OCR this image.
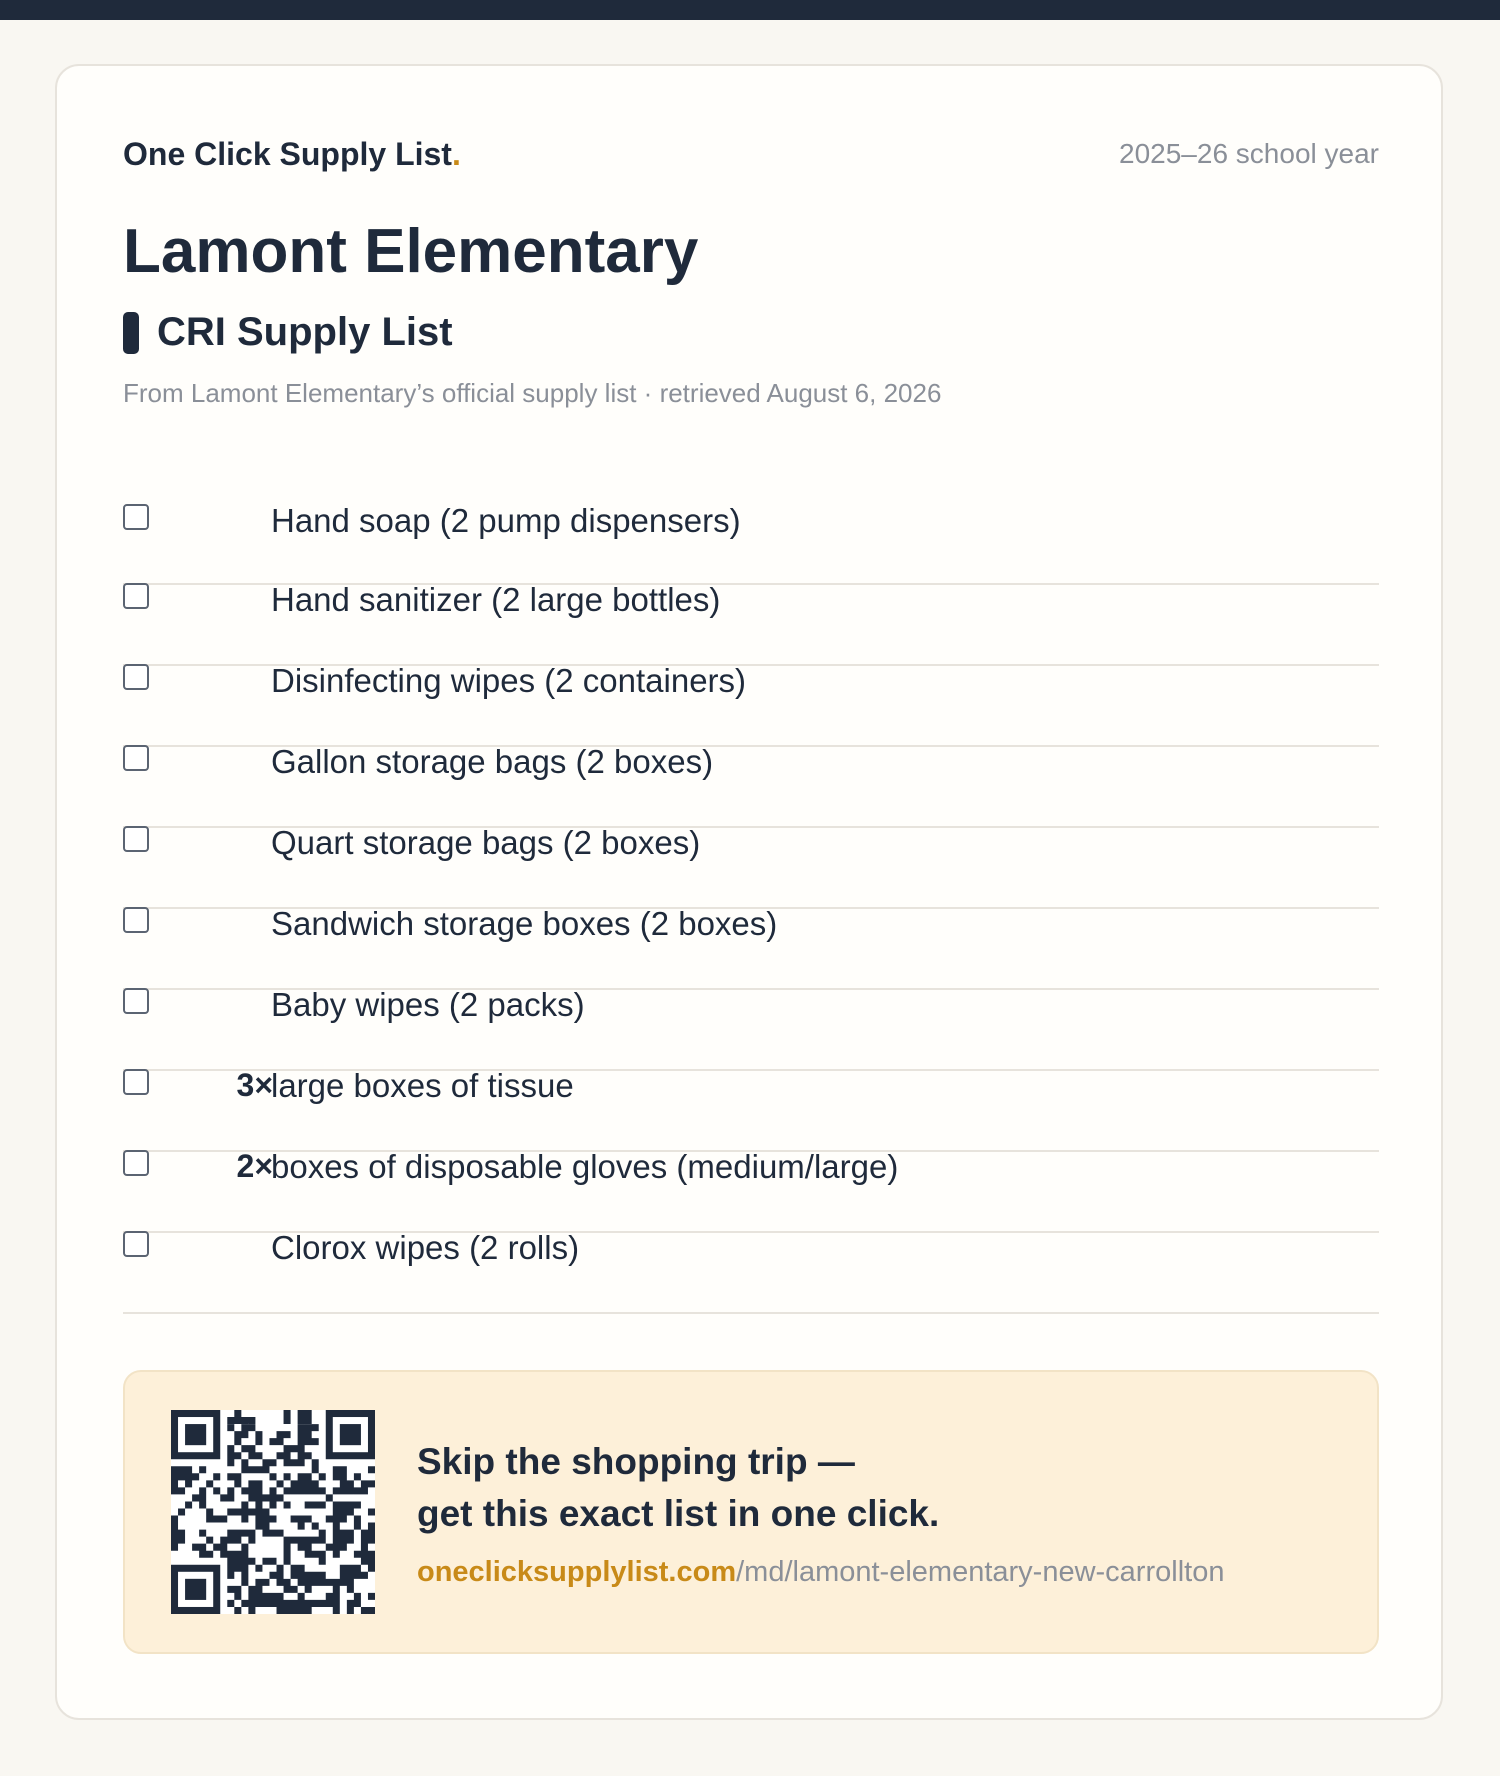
One Click Supply List.	2025–26 school year
Lamont Elementary
CRI Supply List
From Lamont Elementary’s official supply list · retrieved August 6, 2026
Hand soap (2 pump dispensers)
Hand sanitizer (2 large bottles)
Disinfecting wipes (2 containers)
Gallon storage bags (2 boxes)
Quart storage bags (2 boxes)
Sandwich storage boxes (2 boxes)
Baby wipes (2 packs)
3×
large boxes of tissue
2×
boxes of disposable gloves (medium/large)
Clorox wipes (2 rolls)
Skip the shopping trip —
get this exact list in one click.
oneclicksupplylist.com/md/lamont-elementary-new-carrollton
